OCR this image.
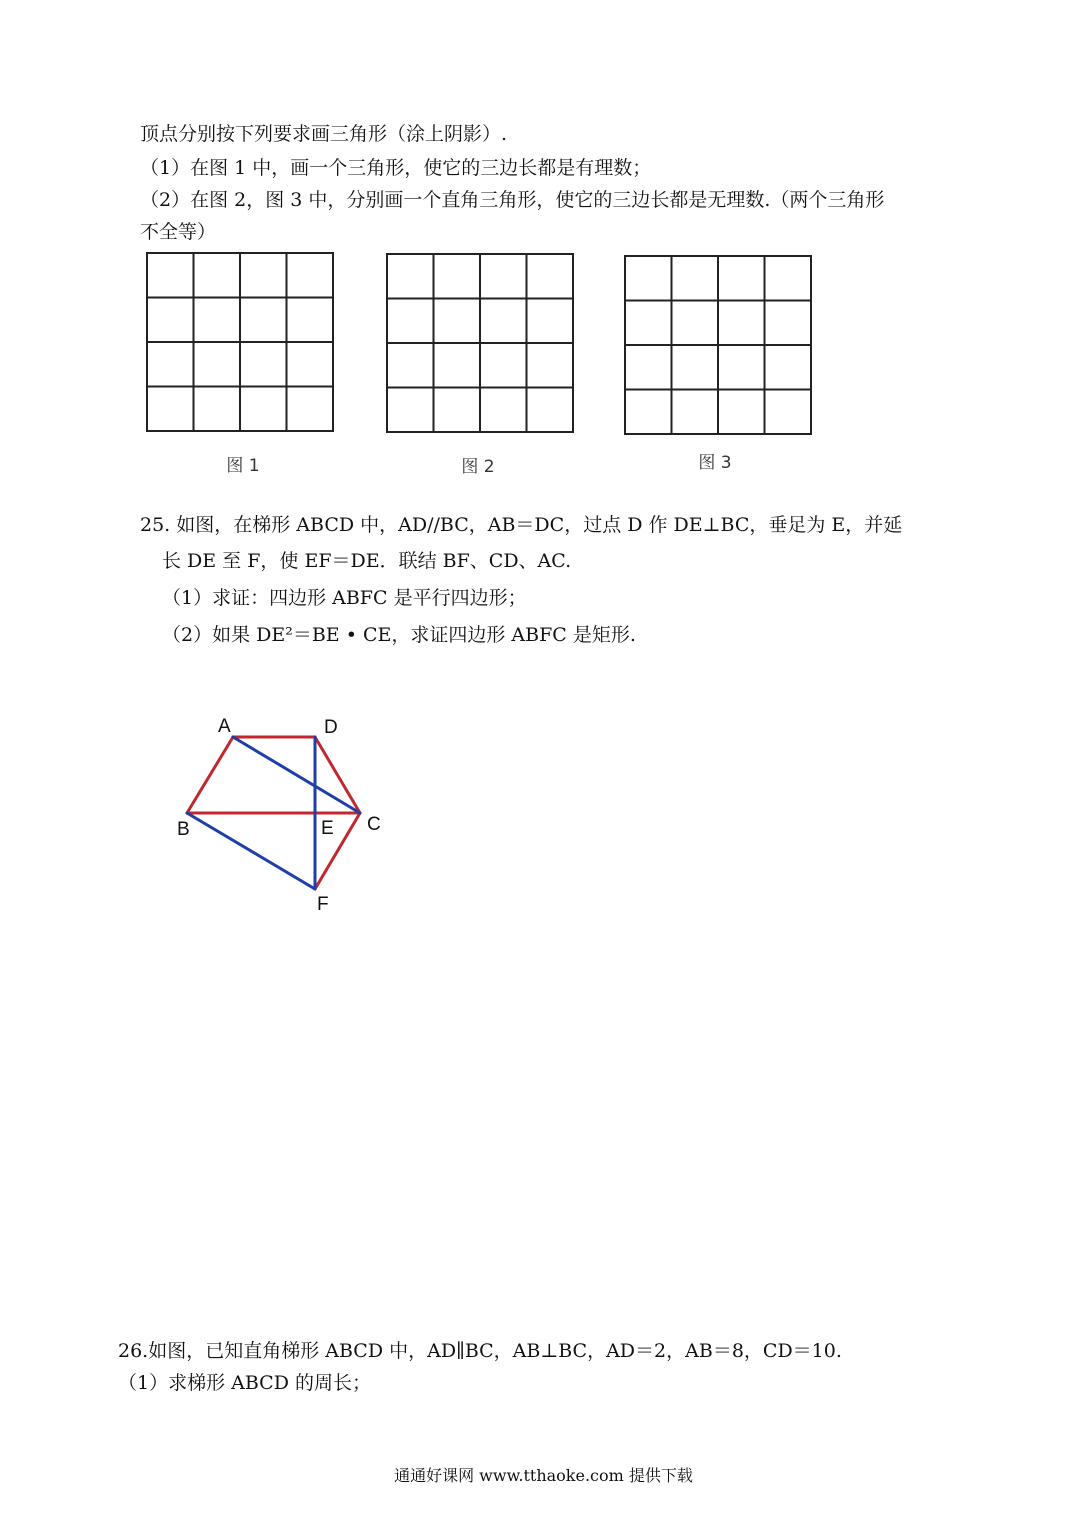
顶点分别按下列要求画三角形（涂上阴影）.
（1）在图 1 中，画一个三角形，使它的三边长都是有理数；
（2）在图 2，图 3 中，分别画一个直角三角形，使它的三边长都是无理数.（两个三角形
不全等）
图 1	图 2	图 3
25. 如图，在梯形 ABCD 中，AD//BC，AB＝DC，过点 D 作 DE⊥BC，垂足为 E，并延
长 DE 至 F，使 EF＝DE．联结 BF、CD、AC.
（1）求证：四边形 ABFC 是平行四边形；
（2）如果 DE²＝BE • CE，求证四边形 ABFC 是矩形.
A	D
B	E C
F
26.如图，已知直角梯形 ABCD 中，AD∥BC，AB⊥BC，AD＝2，AB＝8，CD＝10.
（1）求梯形 ABCD 的周长；
通通好课网 www.tthaoke.com 提供下载
